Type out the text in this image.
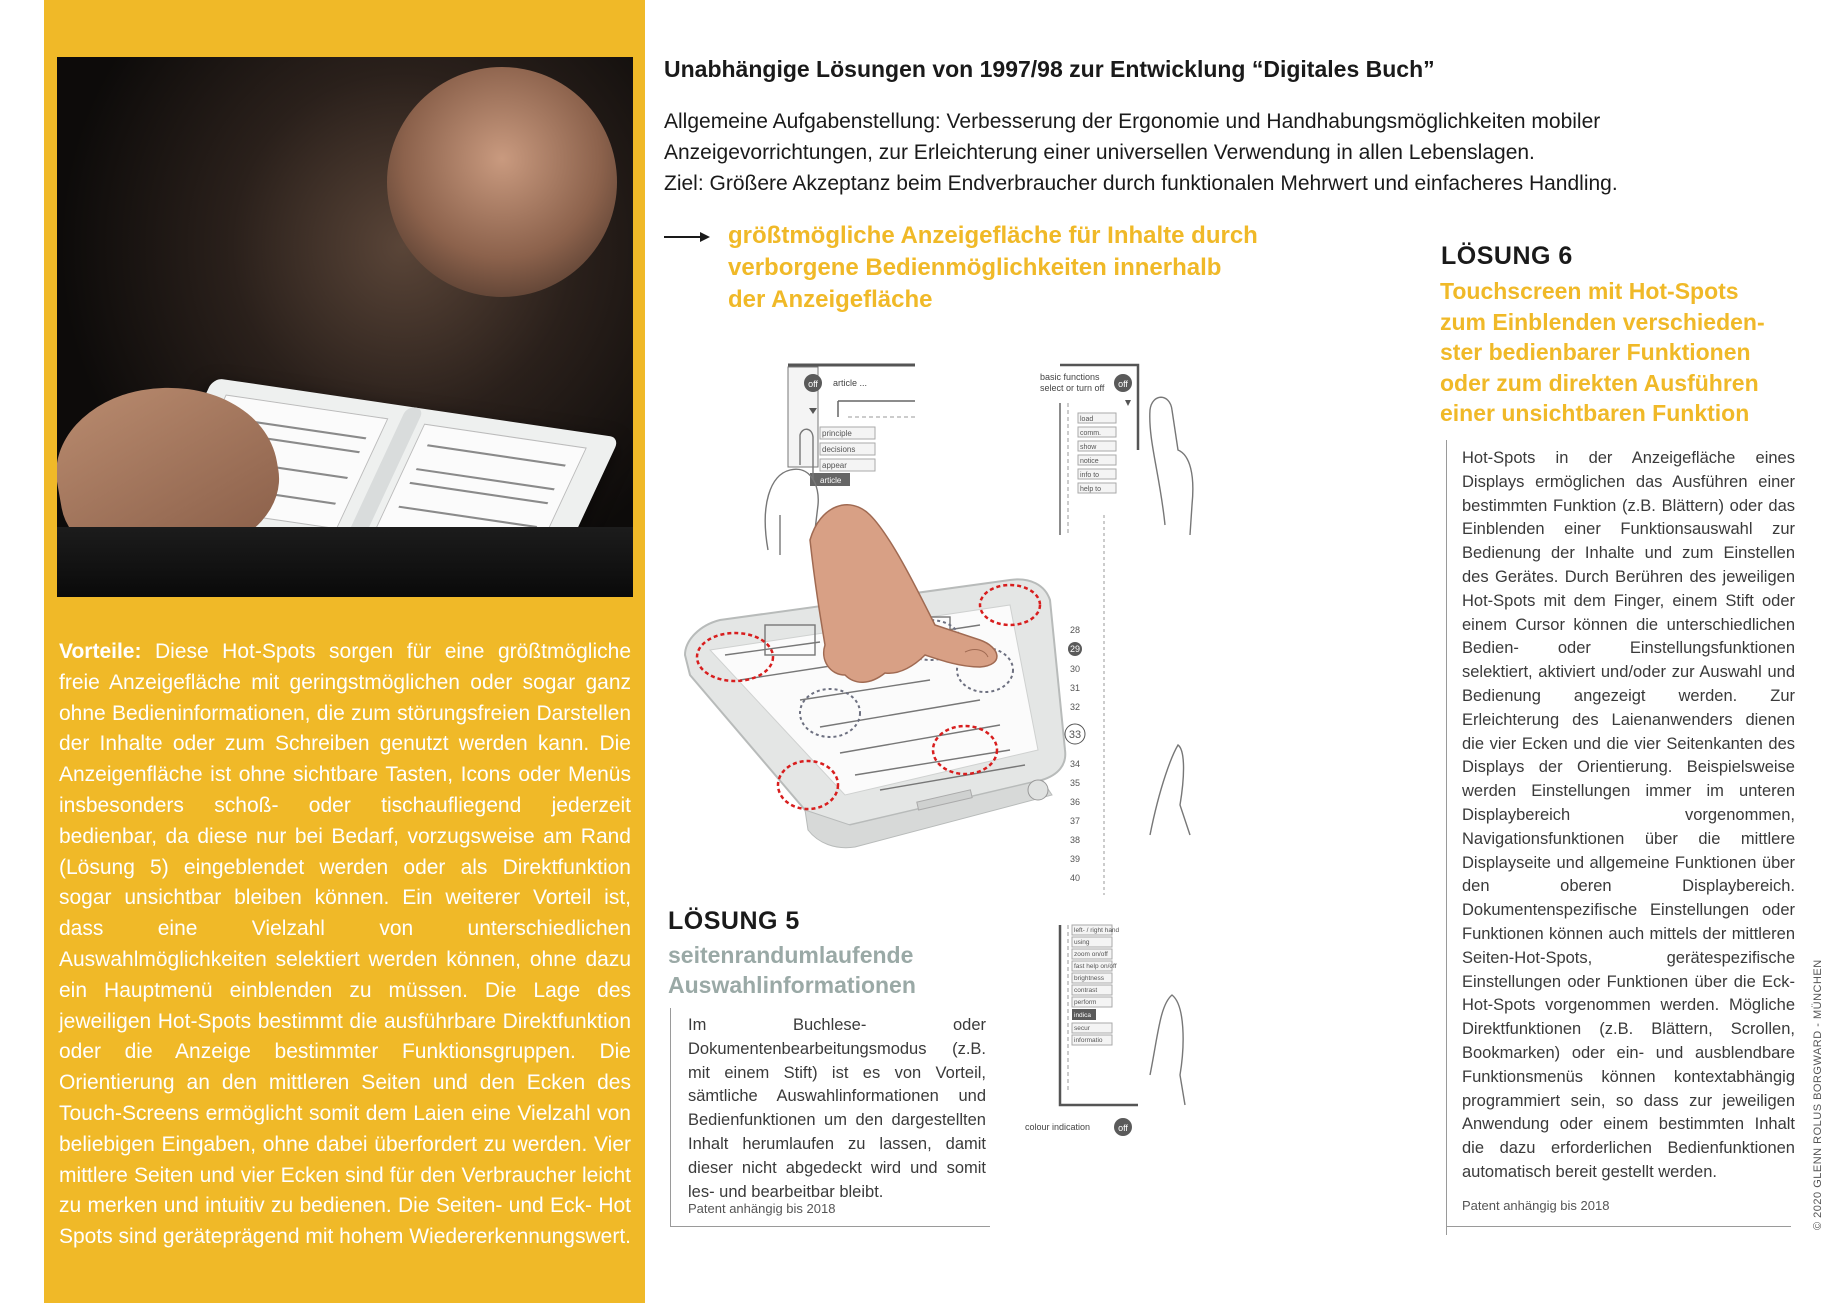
Vorteile: Diese Hot-Spots sorgen für eine größtmögliche freie Anzeigefläche mit geringstmöglichen oder sogar ganz ohne Bedieninformationen, die zum störungsfreien Darstellen der Inhalte oder zum Schreiben genutzt werden kann. Die Anzeigenfläche ist ohne sichtbare Tasten, Icons oder Menüs insbesonders schoß- oder tischaufliegend jederzeit bedienbar, da diese nur bei Bedarf, vorzugsweise am Rand (Lösung 5) eingeblendet werden oder als Direktfunktion sogar unsichtbar bleiben können. Ein weiterer Vorteil ist, dass eine Vielzahl von unterschiedlichen Auswahlmöglichkeiten selektiert werden können, ohne dazu ein Hauptmenü einblenden zu müssen. Die Lage des jeweiligen Hot-Spots bestimmt die ausführbare Direktfunktion oder die Anzeige bestimmter Funktionsgruppen. Die Orientierung an den mittleren Seiten und den Ecken des Touch-Screens ermöglicht somit dem Laien eine Vielzahl von beliebigen Eingaben, ohne dabei überfordert zu werden. Vier mittlere Seiten und vier Ecken sind für den Verbraucher leicht zu merken und intuitiv zu bedienen. Die Seiten- und Eck- Hot Spots sind geräteprägend mit hohem Wiedererkennungswert.
Unabhängige Lösungen von 1997/98 zur Entwicklung “Digitales Buch”
Allgemeine Aufgabenstellung: Verbesserung der Ergonomie und Handhabungsmöglichkeiten mobiler
Anzeigevorrichtungen, zur Erleichterung einer universellen Verwendung in allen Lebenslagen.
Ziel: Größere Akzeptanz beim Endverbraucher durch funktionalen Mehrwert und einfacheres Handling.
größtmögliche Anzeigefläche für Inhalte durch
verborgene Bedienmöglichkeiten innerhalb
der Anzeigefläche
LÖSUNG 6
Touchscreen mit Hot-Spots
zum Einblenden verschieden-
ster bedienbarer Funktionen
oder zum direkten Ausführen
einer unsichtbaren Funktion
Hot-Spots in der Anzeigefläche eines Displays ermöglichen das Ausführen einer bestimmten Funktion (z.B. Blättern) oder das Einblenden einer Funktionsauswahl zur Bedienung der Inhalte und zum Einstellen des Gerätes. Durch Berühren des jeweiligen Hot-Spots mit dem Finger, einem Stift oder einem Cursor können die unterschiedlichen Bedien- oder Einstellungsfunktionen selektiert, aktiviert und/oder zur Auswahl und Bedienung angezeigt werden. Zur Erleichterung des Laienanwenders dienen die vier Ecken und die vier Seitenkanten des Displays der Orientierung. Beispielsweise werden Einstellungen immer im unteren Displaybereich vorgenommen, Navigationsfunktionen über die mittlere Displayseite und allgemeine Funktionen über den oberen Displaybereich. Dokumentenspezifische Einstellungen oder Funktionen können auch mittels der mittleren Seiten-Hot-Spots, gerätespezifische Einstellungen oder Funktionen über die Eck-Hot-Spots vorgenommen werden. Mögliche Direktfunktionen (z.B. Blättern, Scrollen, Bookmarken) oder ein- und ausblendbare Funktionsmenüs können kontextabhängig programmiert sein, so dass zur jeweiligen Anwendung oder einem bestimmten Inhalt die dazu erforderlichen Bedienfunktionen automatisch bereit gestellt werden.
Patent anhängig bis 2018
LÖSUNG 5
seitenrandumlaufende
Auswahlinformationen
Im Buchlese- oder Dokumentenbearbeitungsmodus (z.B. mit einem Stift) ist es von Vorteil, sämtliche Auswahlinformationen und Bedienfunktionen um den dargestellten Inhalt herumlaufen zu lassen, damit dieser nicht abgedeckt wird und somit les- und bearbeitbar bleibt.
Patent anhängig bis 2018
off article ...
principle
decisions
appear
article
basic functions
select or turn off off
load
comm.
show
notice
info to
help to
28
29
30
31
32
33
34
35
36
37
38
39
40
left- / right hand
using
zoom on/off
fast help on/off
brightness
contrast
perform
secur
informatio
indica
colour indication	off	© 2020 GLENN ROLUS BORGWARD - MÜNCHEN
